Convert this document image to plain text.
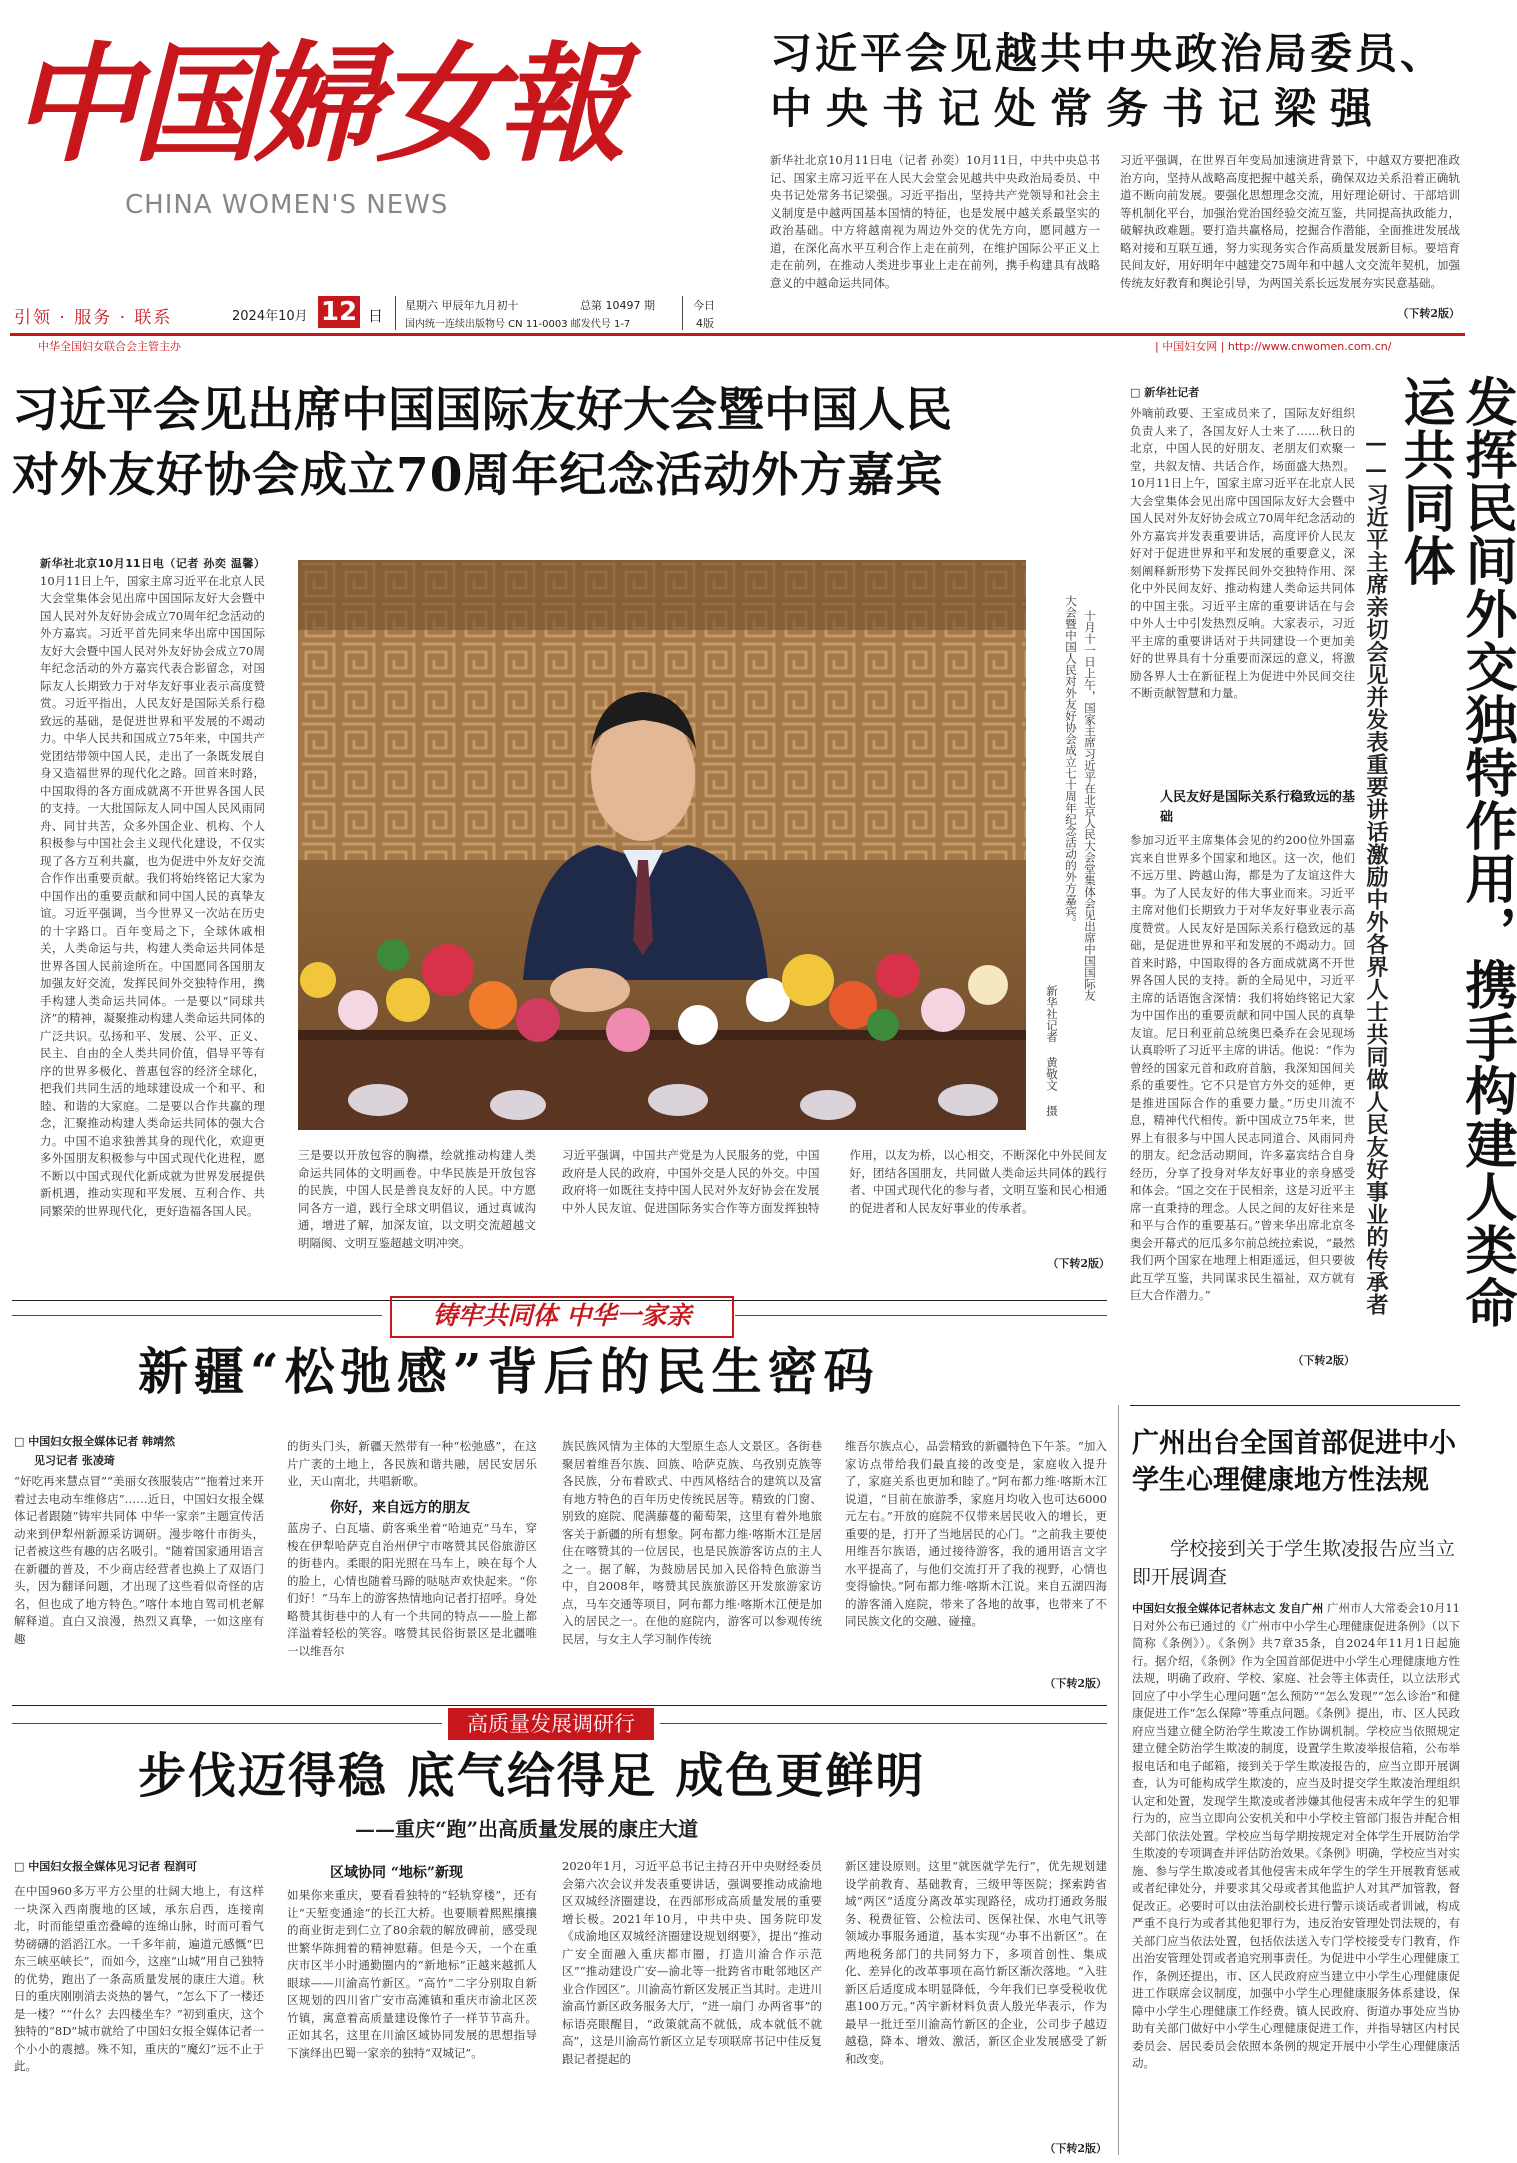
中国婦女報
CHINA WOMEN'S NEWS
引领 · 服务 · 联系	2024年10月 12 日
星期六 甲辰年九月初十	总第 10497 期
国内统一连续出版物号 CN 11-0003 邮发代号 1-7
今日
4版
中华全国妇女联合会主管主办	| 中国妇女网 | http://www.cnwomen.com.cn/
习近平会见越共中央政治局委员、
中央书记处常务书记梁强
新华社北京10月11日电（记者 孙奕）10月11日，中共中央总书记、国家主席习近平在人民大会堂会见越共中央政治局委员、中央书记处常务书记梁强。习近平指出，坚持共产党领导和社会主义制度是中越两国基本国情的特征，也是发展中越关系最坚实的政治基础。中方将越南视为周边外交的优先方向，愿同越方一道，在深化高水平互利合作上走在前列，在维护国际公平正义上走在前列，在推动人类进步事业上走在前列，携手构建具有战略意义的中越命运共同体。
习近平强调，在世界百年变局加速演进背景下，中越双方要把准政治方向，坚持从战略高度把握中越关系，确保双边关系沿着正确轨道不断向前发展。要强化思想理念交流，用好理论研讨、干部培训等机制化平台，加强治党治国经验交流互鉴，共同提高执政能力，破解执政难题。要打造共赢格局，挖掘合作潜能，全面推进发展战略对接和互联互通，努力实现务实合作高质量发展新目标。要培育民间友好，用好明年中越建交75周年和中越人文交流年契机，加强传统友好教育和舆论引导，为两国关系长远发展夯实民意基础。
（下转2版）
习近平会见出席中国国际友好大会暨中国人民
对外友好协会成立70周年纪念活动外方嘉宾
新华社北京10月11日电（记者 孙奕 温馨）10月11日上午，国家主席习近平在北京人民大会堂集体会见出席中国国际友好大会暨中国人民对外友好协会成立70周年纪念活动的外方嘉宾。习近平首先同来华出席中国国际友好大会暨中国人民对外友好协会成立70周年纪念活动的外方嘉宾代表合影留念，对国际友人长期致力于对华友好事业表示高度赞赏。习近平指出，人民友好是国际关系行稳致远的基础，是促进世界和平发展的不竭动力。中华人民共和国成立75年来，中国共产党团结带领中国人民，走出了一条既发展自身又造福世界的现代化之路。回首来时路，中国取得的各方面成就离不开世界各国人民的支持。一大批国际友人同中国人民风雨同舟、同甘共苦，众多外国企业、机构、个人积极参与中国社会主义现代化建设，不仅实现了各方互利共赢，也为促进中外友好交流合作作出重要贡献。我们将始终铭记大家为中国作出的重要贡献和同中国人民的真挚友谊。习近平强调，当今世界又一次站在历史的十字路口。百年变局之下，全球休戚相关，人类命运与共，构建人类命运共同体是世界各国人民前途所在。中国愿同各国朋友加强友好交流，发挥民间外交独特作用，携手构建人类命运共同体。一是要以“同球共济”的精神，凝聚推动构建人类命运共同体的广泛共识。弘扬和平、发展、公平、正义、民主、自由的全人类共同价值，倡导平等有序的世界多极化、普惠包容的经济全球化，把我们共同生活的地球建设成一个和平、和睦、和谐的大家庭。二是要以合作共赢的理念，汇聚推动构建人类命运共同体的强大合力。中国不追求独善其身的现代化，欢迎更多外国朋友积极参与中国式现代化进程，愿不断以中国式现代化新成就为世界发展提供新机遇，推动实现和平发展、互利合作、共同繁荣的世界现代化，更好造福各国人民。
十月十一日上午，国家主席习近平在北京人民大会堂集体会见出席中国国际友
大会暨中国人民对外友好协会成立七十周年纪念活动的外方嘉宾。
新华社记者 黄敬文 摄
三是要以开放包容的胸襟，绘就推动构建人类命运共同体的文明画卷。中华民族是开放包容的民族，中国人民是善良友好的人民。中方愿同各方一道，践行全球文明倡议，通过真诚沟通，增进了解，加深友谊，以文明交流超越文明隔阂、文明互鉴超越文明冲突。
习近平强调，中国共产党是为人民服务的党，中国政府是人民的政府，中国外交是人民的外交。中国政府将一如既往支持中国人民对外友好协会在发展中外人民友谊、促进国际务实合作等方面发挥独特作用，以友为桥，以心相交，不断深化中外民间友好，团结各国朋友，共同做人类命运共同体的践行者、中国式现代化的参与者，文明互鉴和民心相通的促进者和人民友好事业的传承者。
（下转2版）
□ 新华社记者
外嘀前政要、王室成员来了，国际友好组织负责人来了，各国友好人士来了……秋日的北京，中国人民的好朋友、老朋友们欢聚一堂，共叙友情、共话合作，场面盛大热烈。10月11日上午，国家主席习近平在北京人民大会堂集体会见出席中国国际友好大会暨中国人民对外友好协会成立70周年纪念活动的外方嘉宾并发表重要讲话，高度评价人民友好对于促进世界和平和发展的重要意义，深刻阐释新形势下发挥民间外交独特作用、深化中外民间友好、推动构建人类命运共同体的中国主张。习近平主席的重要讲话在与会中外人士中引发热烈反响。大家表示，习近平主席的重要讲话对于共同建设一个更加美好的世界具有十分重要而深远的意义，将激励各界人士在新征程上为促进中外民间交往不断贡献智慧和力量。
人民友好是国际关系行稳致远的基础
参加习近平主席集体会见的约200位外国嘉宾来自世界多个国家和地区。这一次，他们不远万里、跨越山海，都是为了友谊这件大事。为了人民友好的伟大事业而来。习近平主席对他们长期致力于对华友好事业表示高度赞赏。人民友好是国际关系行稳致远的基础，是促进世界和平和发展的不竭动力。回首来时路，中国取得的各方面成就离不开世界各国人民的支持。新的全局见中，习近平主席的话语饱含深情：我们将始终铭记大家为中国作出的重要贡献和同中国人民的真挚友谊。尼日利亚前总统奥巴桑乔在会见现场认真聆听了习近平主席的讲话。他说：“作为曾经的国家元首和政府首脑，我深知国间关系的重要性。它不只是官方外交的延伸，更是推进国际合作的重要力量。”历史川流不息，精神代代相传。新中国成立75年来，世界上有很多与中国人民志同道合、风雨同舟的朋友。纪念活动期间，许多嘉宾结合自身经历，分享了投身对华友好事业的亲身感受和体会。“国之交在于民相亲，这是习近平主席一直秉持的理念。人民之间的友好往来是和平与合作的重要基石。”曾来华出席北京冬奥会开幕式的厄瓜多尔前总统拉索说，“最然我们两个国家在地理上相距遥远，但只要彼此互学互鉴，共同谋求民生福祉，双方就有巨大合作潜力。”
（下转2版）
发挥民间外交独特作用，携手构建人类命运共同体
——习近平主席亲切会见并发表重要讲话激励中外各界人士共同做人民友好事业的传承者
铸牢共同体 中华一家亲
新疆“松弛感”背后的民生密码
□ 中国妇女报全媒体记者 韩靖然
见习记者 张凌琦
“好吃再来慧点冒”“美丽女孩服装店”“拖着过来开着过去电动车维修店”……近日，中国妇女报全媒体记者跟随“铸牢共同体 中华一家亲”主题宣传活动来到伊犁州新源采访调研。漫步喀什市街头，记者被这些有趣的店名吸引。“随着国家通用语言在新疆的普及，不少商店经营者也换上了双语门头，因为翻译问题，才出现了这些看似奇怪的店名，但也成了地方特色。”喀什本地自驾司机老解解释道。直白又浪漫，热烈又真挚，一如这座有趣
的街头门头，新疆天然带有一种“松弛感”，在这片广袤的土地上，各民族和谐共融，居民安居乐业，天山南北，共唱新歌。
你好，来自远方的朋友
蓝房子、白瓦墙、蔚客乘坐着“哈迪克”马车，穿梭在伊犁哈萨克自治州伊宁市喀赞其民俗旅游区的街巷内。柔眼的阳光照在马车上，映在每个人的脸上，心情也随着马蹄的哒哒声欢快起来。“你们好！”马车上的游客热情地向记者打招呼。身处略赞其街巷中的人有一个共同的特点——脸上都洋溢着轻松的笑容。喀赞其民俗街景区是北疆唯一以维吾尔
族民族风情为主体的大型原生态人文景区。各街巷聚居着维吾尔族、回族、哈萨克族、乌孜别克族等各民族，分布着欧式、中西风格结合的建筑以及富有地方特色的百年历史传统民居等。精致的门窗、别致的庭院、爬满藤蔓的葡萄架，这里有着外地旅客关于新疆的所有想象。阿布都力维·喀斯木江是居住在喀赞其的一位居民，也是民族游客访点的主人之一。据了解，为鼓励居民加入民俗特色旅游当中，自2008年，喀赞其民族旅游区开发旅游家访点，马车交通等项目，阿布都力维·喀斯木江便是加入的居民之一。在他的庭院内，游客可以参观传统民居，与女主人学习制作传统
维吾尔族点心，品尝精致的新疆特色下午茶。“加入家访点带给我们最直接的改变是，家庭收入提升了，家庭关系也更加和睦了。”阿布都力维·喀斯木江说道，“目前在旅游季，家庭月均收入也可达6000元左右。”开放的庭院不仅带来居民收入的增长，更重要的是，打开了当地居民的心门。“之前我主要使用维吾尔族语，通过接待游客，我的通用语言文字水平提高了，与他们交流打开了我的视野，心情也变得愉快。”阿布都力维·喀斯木江说。来自五湖四海的游客涌入庭院，带来了各地的故事，也带来了不同民族文化的交融、碰撞。
（下转2版）
广州出台全国首部促进中小学生心理健康地方性法规
学校接到关于学生欺凌报告应当立即开展调查
中国妇女报全媒体记者林志文 发自广州 广州市人大常委会10月11日对外公布已通过的《广州市中小学生心理健康促进条例》（以下简称《条例》）。《条例》共7章35条，自2024年11月1日起施行。据介绍，《条例》作为全国首部促进中小学生心理健康地方性法规，明确了政府、学校、家庭、社会等主体责任，以立法形式回应了中小学生心理问题“怎么预防”“怎么发现”“怎么诊治”和健康促进工作“怎么保障”等重点问题。《条例》提出，市、区人民政府应当建立健全防治学生欺凌工作协调机制。学校应当依照规定建立健全防治学生欺凌的制度，设置学生欺凌举报信箱，公布举报电话和电子邮箱，接到关于学生欺凌报告的，应当立即开展调查，认为可能构成学生欺凌的，应当及时提交学生欺凌治理组织认定和处置，发现学生欺凌或者涉嫌其他侵害未成年学生的犯罪行为的，应当立即向公安机关和中小学校主管部门报告并配合相关部门依法处置。学校应当每学期按规定对全体学生开展防治学生欺凌的专项调查并评估防治效果。《条例》明确，学校应当对实施、参与学生欺凌或者其他侵害未成年学生的学生开展教育惩戒或者纪律处分，并要求其父母或者其他监护人对其严加管教，督促改正。必要时可以由法治副校长进行警示谈话或者训诫，构成严重不良行为或者其他犯罪行为，违反治安管理处罚法规的，有关部门应当依法处置，包括依法送入专门学校接受专门教育，作出治安管理处罚或者追究刑事责任。为促进中小学生心理健康工作，条例还提出，市、区人民政府应当建立中小学生心理健康促进工作联席会议制度，加强中小学生心理健康服务体系建设，保障中小学生心理健康工作经费。镇人民政府、街道办事处应当协助有关部门做好中小学生心理健康促进工作，并指导辖区内村民委员会、居民委员会依照本条例的规定开展中小学生心理健康活动。
高质量发展调研行
步伐迈得稳 底气给得足 成色更鲜明
——重庆“跑”出高质量发展的康庄大道
□ 中国妇女报全媒体见习记者 程润可
在中国960多万平方公里的壮阔大地上，有这样一块深入西南腹地的区域，承东启西，连接南北，时而能望重峦叠嶂的连绵山脉，时而可看气势磅礴的滔滔江水。一千多年前，遍道元感慨“巴东三峡巫峡长”，而如今，这座“山城”用自己独特的优势，跑出了一条高质量发展的康庄大道。秋日的重庆刚刚消去炎热的暑气，“怎么下了一楼还是一楼？”“什么？去四楼坐车？”初到重庆，这个独特的“8D”城市就给了中国妇女报全媒体记者一个小小的震撼。殊不知，重庆的“魔幻”远不止于此。
区域协同 “地标”新现
如果你来重庆，要看看独特的“轻轨穿楼”，还有让“天堑变通途”的长江大桥。也要顺着熙熙攘攘的商业街走到仁立了80余载的解放碑前，感受现世繁华陈拥着的精神慰藉。但是今天，一个在重庆市区半小时通勤圈内的“新地标”正越来越抓人眼球——川渝高竹新区。“高竹”二字分别取自新区规划的四川省广安市高滩镇和重庆市渝北区茨竹镇，寓意着高质量建设像竹子一样节节高升。正如其名，这里在川渝区域协同发展的思想指导下演绎出巴蜀一家亲的独特“双城记”。
2020年1月，习近平总书记主持召开中央财经委员会第六次会议并发表重要讲话，强调要推动成渝地区双城经济圈建设，在西部形成高质量发展的重要增长极。2021年10月，中共中央、国务院印发《成渝地区双城经济圈建设规划纲要》，提出“推动广安全面融入重庆都市圈，打造川渝合作示范区”“推动建设广安—渝北等一批跨省市毗邻地区产业合作园区”。川渝高竹新区发展正当其时。走进川渝高竹新区政务服务大厅，“进一扇门 办两省事”的标语亮眼醒目，“政策就高不就低，成本就低不就高”，这是川渝高竹新区立足专项联席书记中佳反复跟记者提起的
新区建设原则。这里“就医就学先行”，优先规划建设学前教育、基础教育，三级甲等医院；探索跨省域“两区”适度分离改革实现路径，成功打通政务服务、税费征管、公检法司、医保社保、水电气讯等领域办事服务通道，基本实现“办事不出新区”。在两地税务部门的共同努力下，多项首创性、集成化、差异化的改革事项在高竹新区渐次落地。“入驻新区后适度成本明显降低，今年我们已享受税收优惠100万元。”芮宇新材料负责人殷光华表示，作为最早一批迁至川渝高竹新区的企业，公司步子越迈越稳，降本、增效、激活，新区企业发展感受了新和改变。
（下转2版）
